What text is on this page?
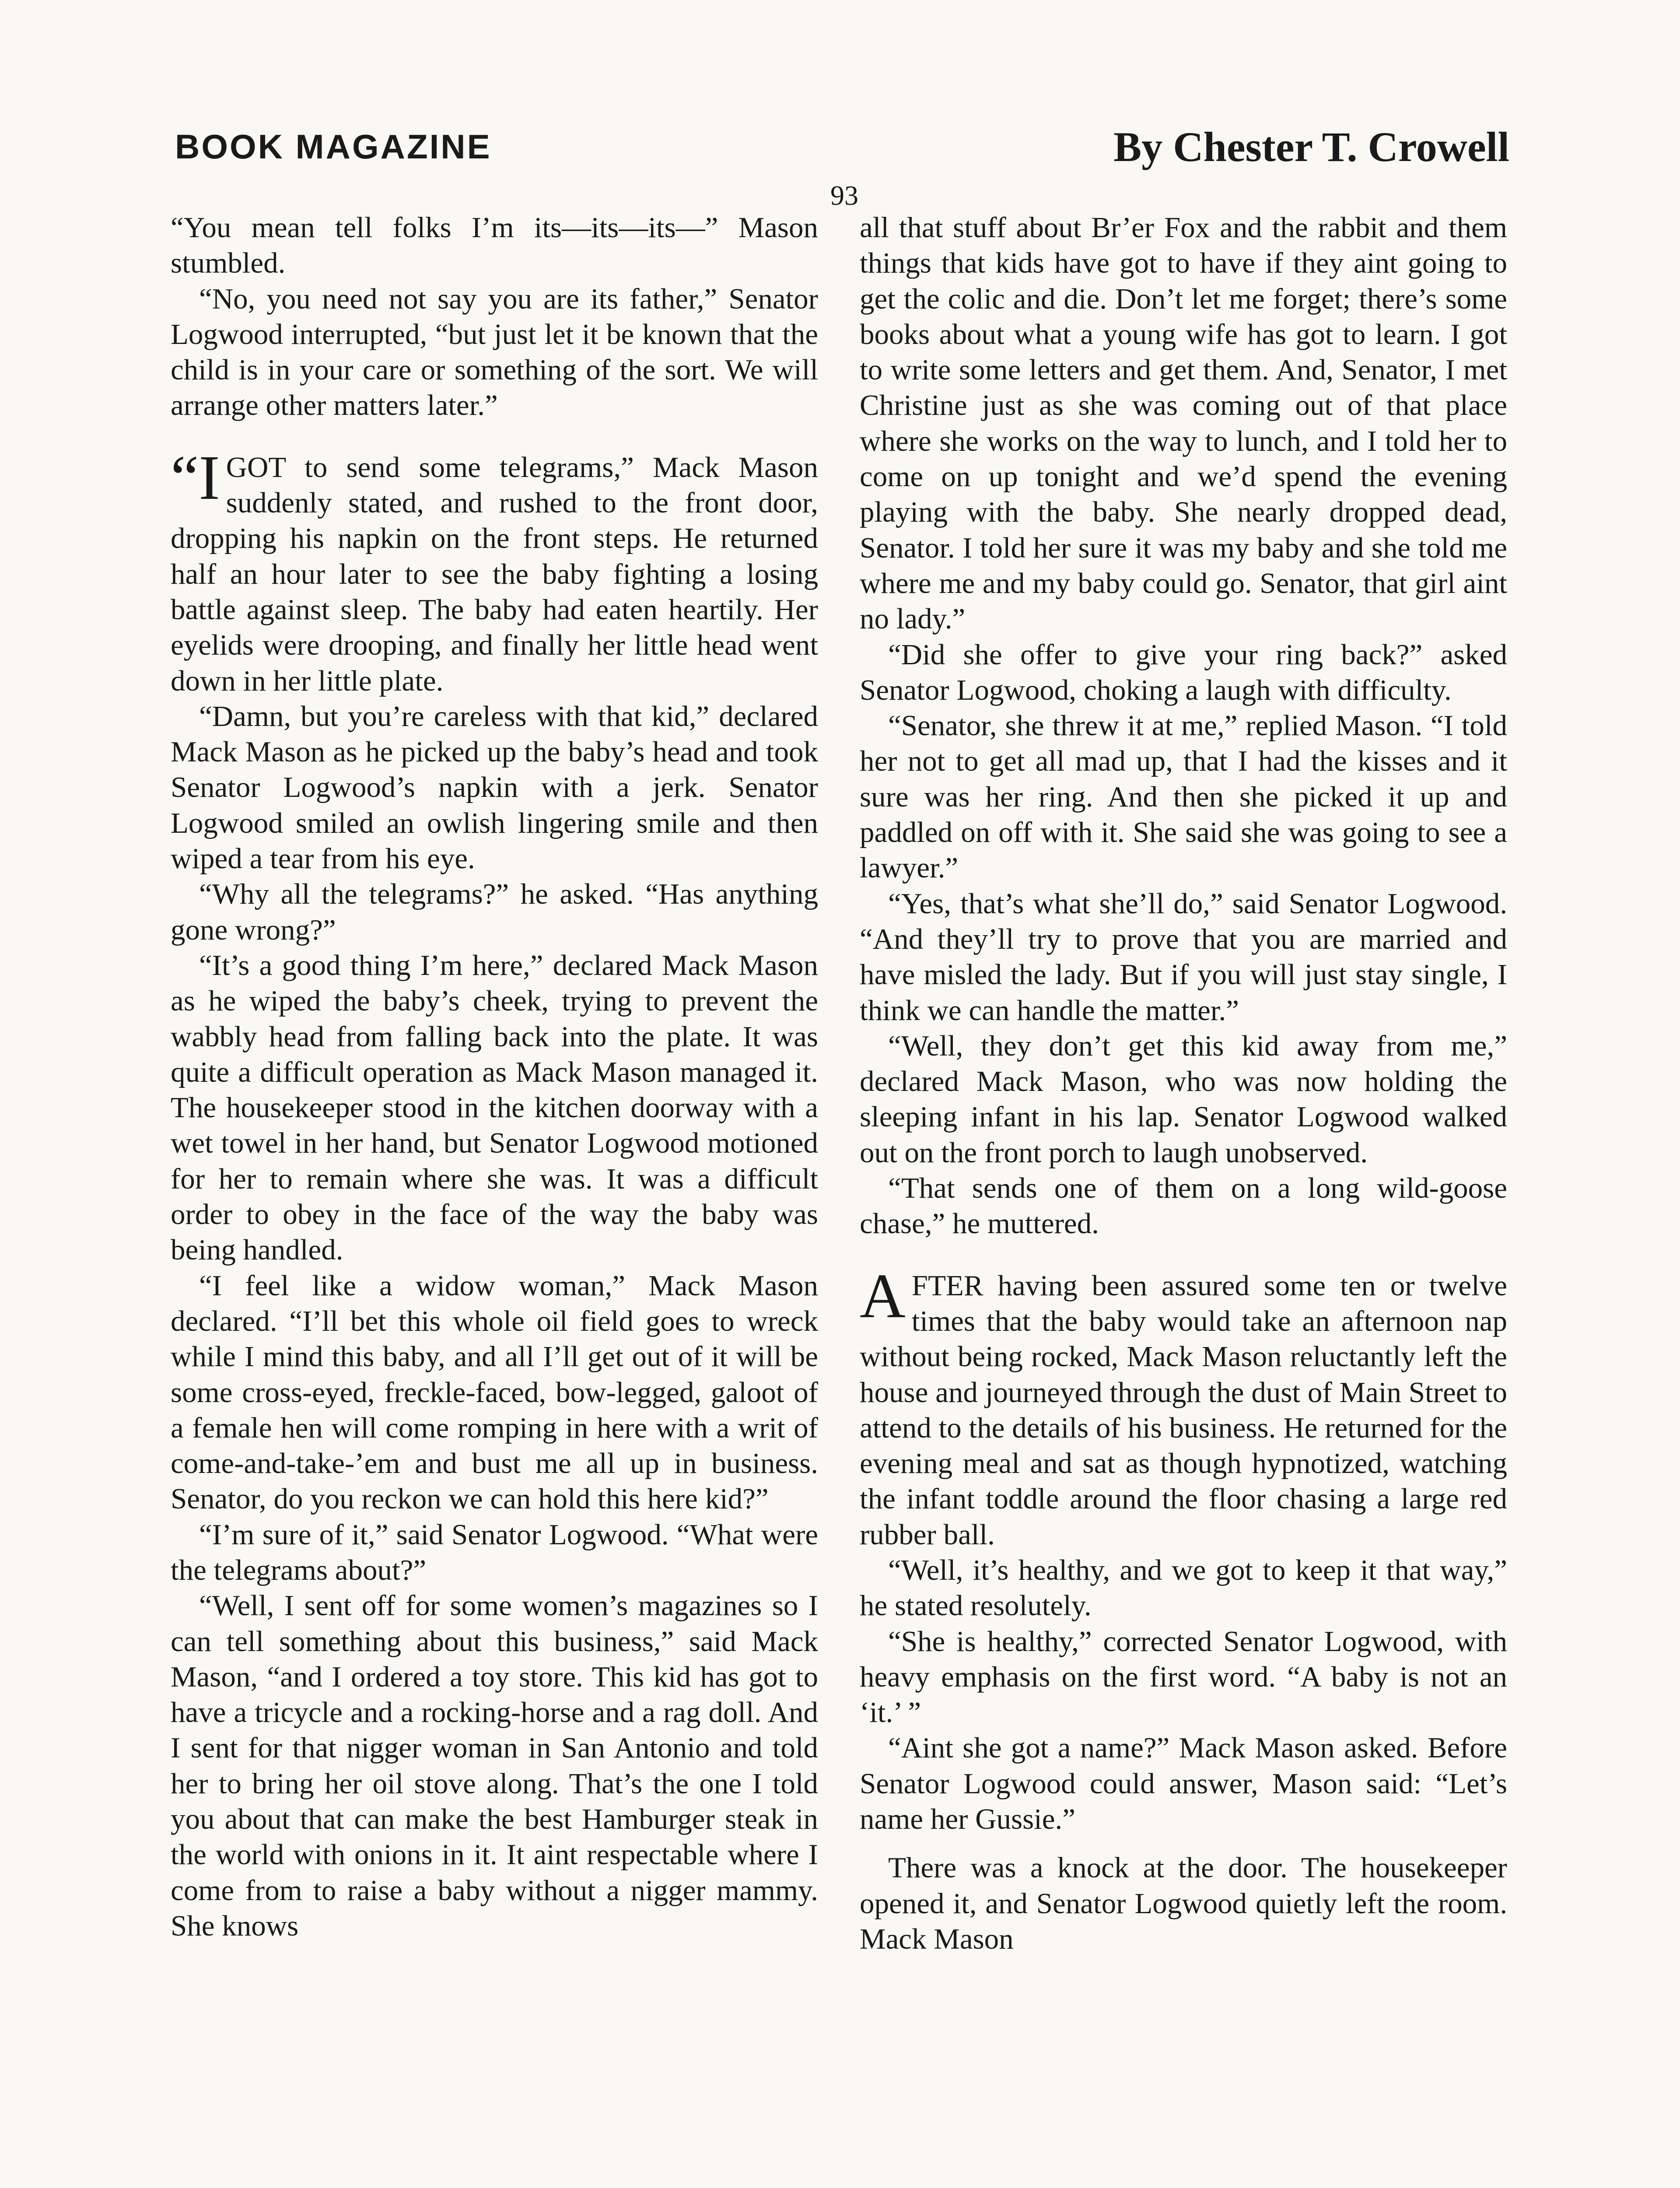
BOOK MAGAZINE	By Chester T. Crowell
93

“You mean tell folks I’m its—its—its—” Mason stumbled.

“No, you need not say you are its father,” Senator Logwood interrupted, “but just let it be known that the child is in your care or something of the sort. We will arrange other matters later.”

“IGOT to send some telegrams,” Mack Mason suddenly stated, and rushed to the front door, dropping his napkin on the front steps. He returned half an hour later to see the baby fighting a losing battle against sleep. The baby had eaten heartily. Her eyelids were drooping, and finally her little head went down in her little plate.

“Damn, but you’re careless with that kid,” declared Mack Mason as he picked up the baby’s head and took Senator Logwood’s napkin with a jerk. Senator Logwood smiled an owlish lingering smile and then wiped a tear from his eye.

“Why all the telegrams?” he asked. “Has anything gone wrong?”

“It’s a good thing I’m here,” declared Mack Mason as he wiped the baby’s cheek, trying to prevent the wabbly head from falling back into the plate. It was quite a difficult operation as Mack Mason managed it. The housekeeper stood in the kitchen doorway with a wet towel in her hand, but Senator Logwood motioned for her to remain where she was. It was a difficult order to obey in the face of the way the baby was being handled.

“I feel like a widow woman,” Mack Mason declared. “I’ll bet this whole oil field goes to wreck while I mind this baby, and all I’ll get out of it will be some cross-eyed, freckle-faced, bow-legged, galoot of a female hen will come romping in here with a writ of come-and-take-’em and bust me all up in business. Senator, do you reckon we can hold this here kid?”

“I’m sure of it,” said Senator Logwood. “What were the telegrams about?”

“Well, I sent off for some women’s magazines so I can tell something about this business,” said Mack Mason, “and I ordered a toy store. This kid has got to have a tricycle and a rocking-horse and a rag doll. And I sent for that nigger woman in San Antonio and told her to bring her oil stove along. That’s the one I told you about that can make the best Hamburger steak in the world with onions in it. It aint respectable where I come from to raise a baby without a nigger mammy. She knows

all that stuff about Br’er Fox and the rabbit and them things that kids have got to have if they aint going to get the colic and die. Don’t let me forget; there’s some books about what a young wife has got to learn. I got to write some letters and get them. And, Senator, I met Christine just as she was coming out of that place where she works on the way to lunch, and I told her to come on up tonight and we’d spend the evening playing with the baby. She nearly dropped dead, Senator. I told her sure it was my baby and she told me where me and my baby could go. Senator, that girl aint no lady.”

“Did she offer to give your ring back?” asked Senator Logwood, choking a laugh with difficulty.

“Senator, she threw it at me,” replied Mason. “I told her not to get all mad up, that I had the kisses and it sure was her ring. And then she picked it up and paddled on off with it. She said she was going to see a lawyer.”

“Yes, that’s what she’ll do,” said Senator Logwood. “And they’ll try to prove that you are married and have misled the lady. But if you will just stay single, I think we can handle the matter.”

“Well, they don’t get this kid away from me,” declared Mack Mason, who was now holding the sleeping infant in his lap. Senator Logwood walked out on the front porch to laugh unobserved.

“That sends one of them on a long wild-goose chase,” he muttered.

AFTER having been assured some ten or twelve times that the baby would take an afternoon nap without being rocked, Mack Mason reluctantly left the house and journeyed through the dust of Main Street to attend to the details of his business. He returned for the evening meal and sat as though hypnotized, watching the infant toddle around the floor chasing a large red rubber ball.

“Well, it’s healthy, and we got to keep it that way,” he stated resolutely.

“She is healthy,” corrected Senator Logwood, with heavy emphasis on the first word. “A baby is not an ‘it.’ ”

“Aint she got a name?” Mack Mason asked. Before Senator Logwood could answer, Mason said: “Let’s name her Gussie.”

There was a knock at the door. The housekeeper opened it, and Senator Logwood quietly left the room. Mack Mason
